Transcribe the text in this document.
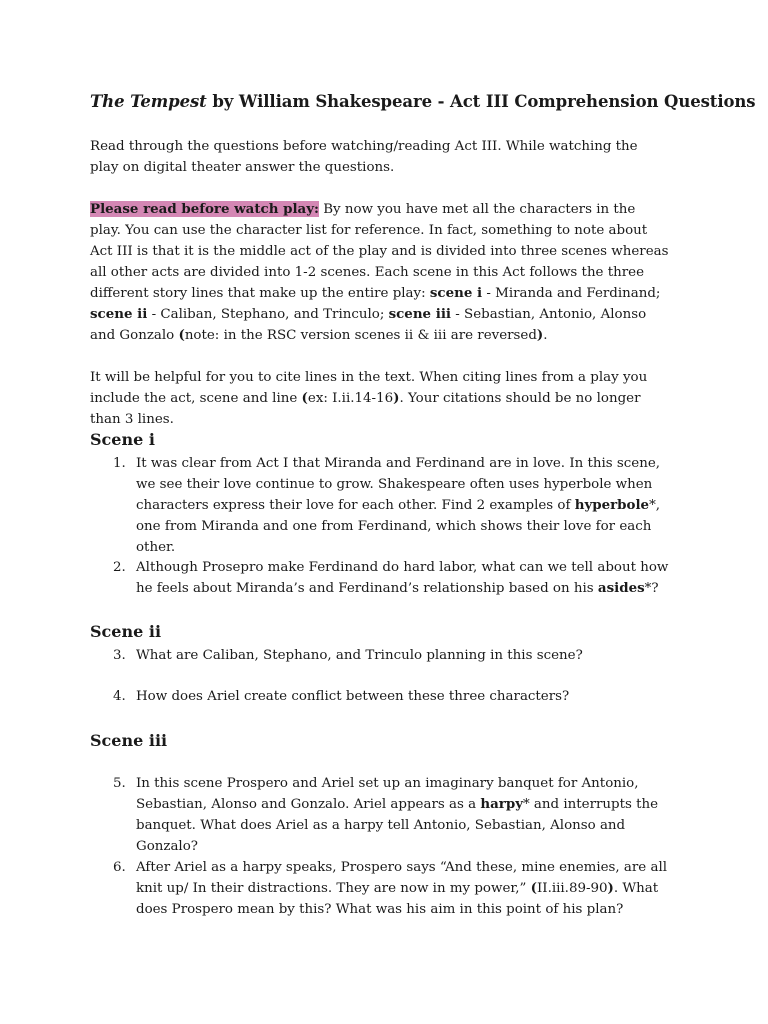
The Tempest by William Shakespeare - Act III Comprehension Questions
Read through the questions before watching/reading Act III. While watching the play on digital theater answer the questions.
Please read before watch play: By now you have met all the characters in the play. You can use the character list for reference. In fact, something to note about Act III is that it is the middle act of the play and is divided into three scenes whereas all other acts are divided into 1-2 scenes. Each scene in this Act follows the three different story lines that make up the entire play: scene i - Miranda and Ferdinand; scene ii - Caliban, Stephano, and Trinculo; scene iii - Sebastian, Antonio, Alonso and Gonzalo (note: in the RSC version scenes ii & iii are reversed).
It will be helpful for you to cite lines in the text. When citing lines from a play you include the act, scene and line (ex: I.ii.14-16). Your citations should be no longer than 3 lines.
Scene i
1. It was clear from Act I that Miranda and Ferdinand are in love. In this scene, we see their love continue to grow. Shakespeare often uses hyperbole when characters express their love for each other. Find 2 examples of hyperbole*, one from Miranda and one from Ferdinand, which shows their love for each other.
2. Although Prosepro make Ferdinand do hard labor, what can we tell about how he feels about Miranda’s and Ferdinand’s relationship based on his asides*?
Scene ii
3. What are Caliban, Stephano, and Trinculo planning in this scene?
4. How does Ariel create conflict between these three characters?
Scene iii
5. In this scene Prospero and Ariel set up an imaginary banquet for Antonio, Sebastian, Alonso and Gonzalo. Ariel appears as a harpy* and interrupts the banquet. What does Ariel as a harpy tell Antonio, Sebastian, Alonso and Gonzalo?
6. After Ariel as a harpy speaks, Prospero says “And these, mine enemies, are all knit up/ In their distractions. They are now in my power,” (II.iii.89-90). What does Prospero mean by this? What was his aim in this point of his plan?
